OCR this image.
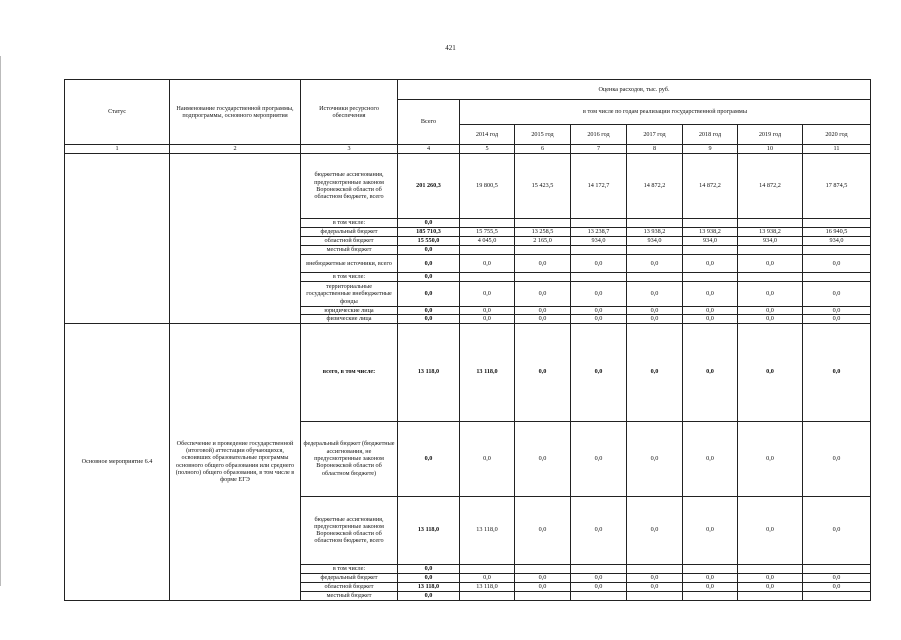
421
Статус	Наименование государственной программы, подпрограммы, основного мероприятия	Источники ресурсного обеспечения	Оценка расходов, тыс. руб.							
			Всего	в том числе по годам реализации государственной программы						
				2014 год	2015 год	2016 год	2017 год	2018 год	2019 год	2020 год
1	2	3	4	5	6	7	8	9	10	11
		бюджетные ассигнования, предусмотренные законом Воронежской области об областном бюджете, всего	201 260,3	19 800,5	15 423,5	14 172,7	14 872,2	14 872,2	14 872,2	17 874,5
		в том числе:	0,0							
		федеральный бюджет	185 710,3	15 755,5	13 258,5	13 238,7	13 938,2	13 938,2	13 938,2	16 940,5
		областной бюджет	15 550,0	4 045,0	2 165,0	934,0	934,0	934,0	934,0	934,0
		местный бюджет	0,0							
		внебюджетные источники, всего	0,0	0,0	0,0	0,0	0,0	0,0	0,0	0,0
		в том числе:	0,0							
		территориальные государственные внебюджетные фонды	0,0	0,0	0,0	0,0	0,0	0,0	0,0	0,0
		юридические лица	0,0	0,0	0,0	0,0	0,0	0,0	0,0	0,0
		физические лица	0,0	0,0	0,0	0,0	0,0	0,0	0,0	0,0
Основное мероприятие 6.4	Обеспечение и проведение государственной (итоговой) аттестации обучающихся, освоивших образовательные программы основного общего образования или среднего (полного) общего образования, в том числе в форме ЕГЭ	всего, в том числе:	13 118,0	13 118,0	0,0	0,0	0,0	0,0	0,0	0,0
		федеральный бюджет (бюджетные ассигнования, не предусмотренные законом Воронежской области об областном бюджете)	0,0	0,0	0,0	0,0	0,0	0,0	0,0	0,0
		бюджетные ассигнования, предусмотренные законом Воронежской области об областном бюджете, всего	13 118,0	13 118,0	0,0	0,0	0,0	0,0	0,0	0,0
		в том числе:	0,0							
		федеральный бюджет	0,0	0,0	0,0	0,0	0,0	0,0	0,0	0,0
		областной бюджет	13 118,0	13 118,0	0,0	0,0	0,0	0,0	0,0	0,0
		местный бюджет	0,0							
